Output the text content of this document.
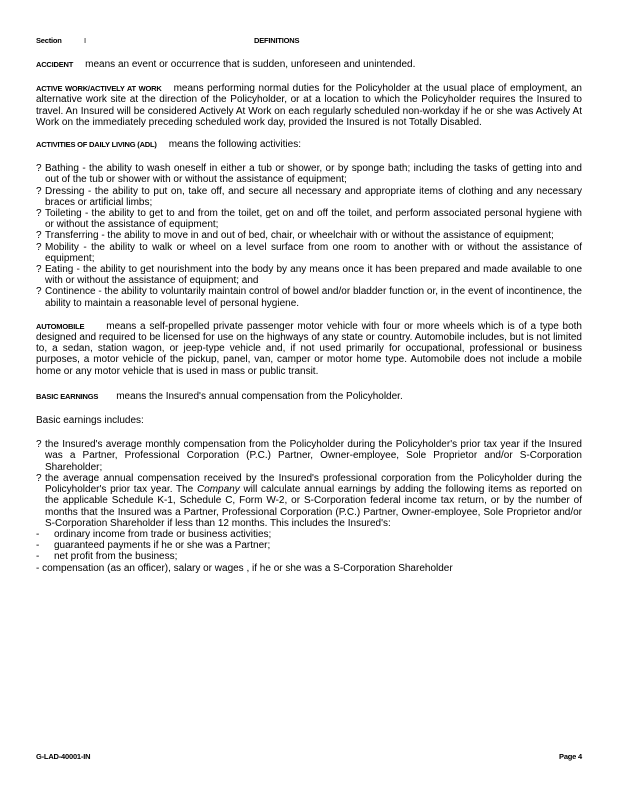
Section	I	DEFINITIONS

ACCIDENT means an event or occurrence that is sudden, unforeseen and unintended.

ACTIVE WORK/ACTIVELY AT WORK means performing normal duties for the Policyholder at the usual place of employment, an alternative work site at the direction of the Policyholder, or at a location to which the Policyholder requires the Insured to travel. An Insured will be considered Actively At Work on each regularly scheduled non-workday if he or she was Actively At Work on the immediately preceding scheduled work day, provided the Insured is not Totally Disabled.

ACTIVITIES OF DAILY LIVING (ADL) means the following activities:

? Bathing - the ability to wash oneself in either a tub or shower, or by sponge bath; including the tasks of getting into and out of the tub or shower with or without the assistance of equipment;

? Dressing - the ability to put on, take off, and secure all necessary and appropriate items of clothing and any necessary braces or artificial limbs;

? Toileting - the ability to get to and from the toilet, get on and off the toilet, and perform associated personal hygiene with or without the assistance of equipment;

? Transferring - the ability to move in and out of bed, chair, or wheelchair with or without the assistance of equipment;

? Mobility - the ability to walk or wheel on a level surface from one room to another with or without the assistance of equipment;

? Eating - the ability to get nourishment into the body by any means once it has been prepared and made available to one with or without the assistance of equipment; and

? Continence - the ability to voluntarily maintain control of bowel and/or bladder function or, in the event of incontinence, the ability to maintain a reasonable level of personal hygiene.

AUTOMOBILE means a self-propelled private passenger motor vehicle with four or more wheels which is of a type both designed and required to be licensed for use on the highways of any state or country. Automobile includes, but is not limited to, a sedan, station wagon, or jeep-type vehicle and, if not used primarily for occupational, professional or business purposes, a motor vehicle of the pickup, panel, van, camper or motor home type. Automobile does not include a mobile home or any motor vehicle that is used in mass or public transit.

BASIC EARNINGS means the Insured's annual compensation from the Policyholder.

Basic earnings includes:

? the Insured's average monthly compensation from the Policyholder during the Policyholder's prior tax year if the Insured was a Partner, Professional Corporation (P.C.) Partner, Owner-employee, Sole Proprietor and/or S-Corporation Shareholder;

? the average annual compensation received by the Insured's professional corporation from the Policyholder during the Policyholder's prior tax year. The Company will calculate annual earnings by adding the following items as reported on the applicable Schedule K-1, Schedule C, Form W-2, or S-Corporation federal income tax return, or by the number of months that the Insured was a Partner, Professional Corporation (P.C.) Partner, Owner-employee, Sole Proprietor and/or S-Corporation Shareholder if less than 12 months. This includes the Insured's:

- ordinary income from trade or business activities;
- guaranteed payments if he or she was a Partner;
- net profit from the business;
- compensation (as an officer), salary or wages , if he or she was a S-Corporation Shareholder
G-LAD-40001-IN	Page 4
